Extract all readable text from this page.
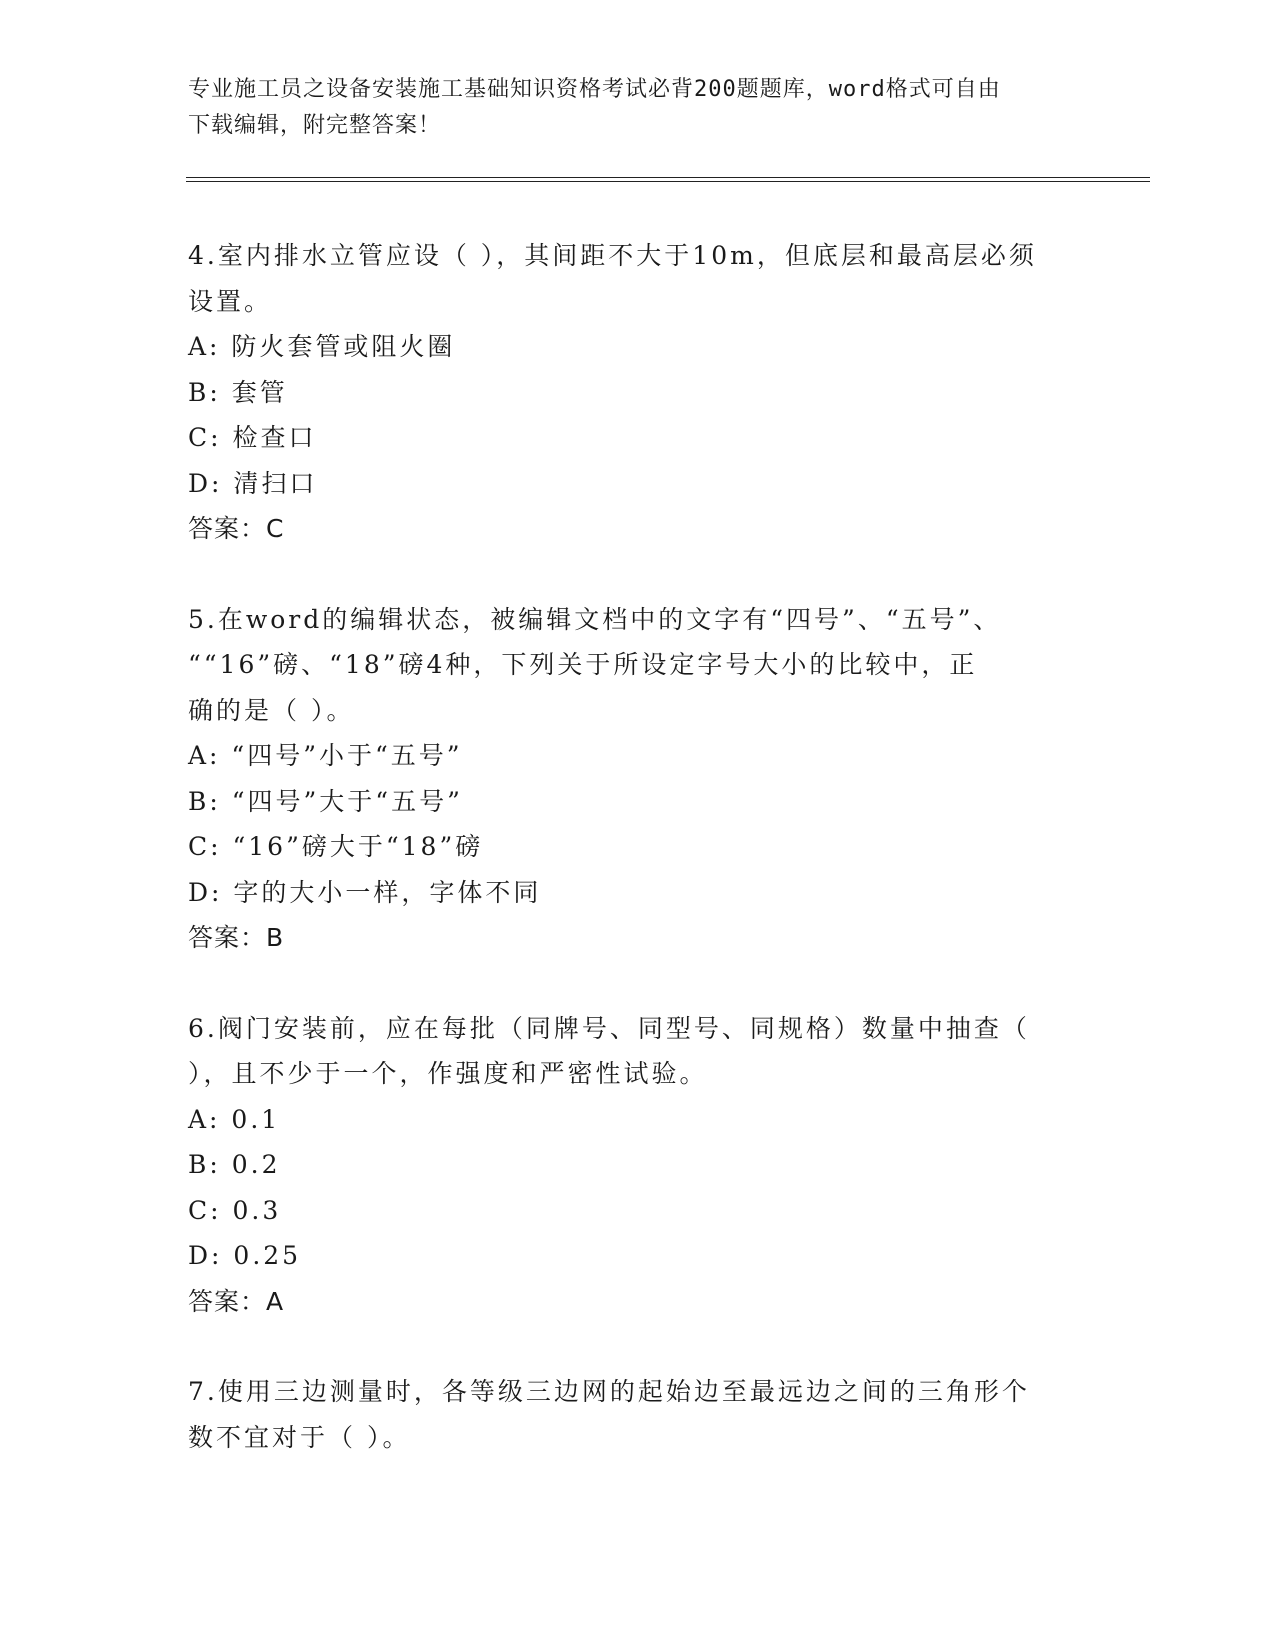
专业施工员之设备安装施工基础知识资格考试必背200题题库，word格式可自由
下载编辑，附完整答案！

4.室内排水立管应设（ ），其间距不大于10m，但底层和最高层必须

设置。

A: 防火套管或阻火圈

B: 套管

C: 检查口

D: 清扫口

答案：C

5.在word的编辑状态，被编辑文档中的文字有“四号”、“五号”、

““16”磅、“18”磅4种，下列关于所设定字号大小的比较中，正

确的是（ ）。

A: “四号”小于“五号”

B: “四号”大于“五号”

C: “16”磅大于“18”磅

D: 字的大小一样，字体不同

答案：B

6.阀门安装前，应在每批（同牌号、同型号、同规格）数量中抽查（

），且不少于一个，作强度和严密性试验。

A: 0.1

B: 0.2

C: 0.3

D: 0.25

答案：A

7.使用三边测量时，各等级三边网的起始边至最远边之间的三角形个

数不宜对于（ ）。
